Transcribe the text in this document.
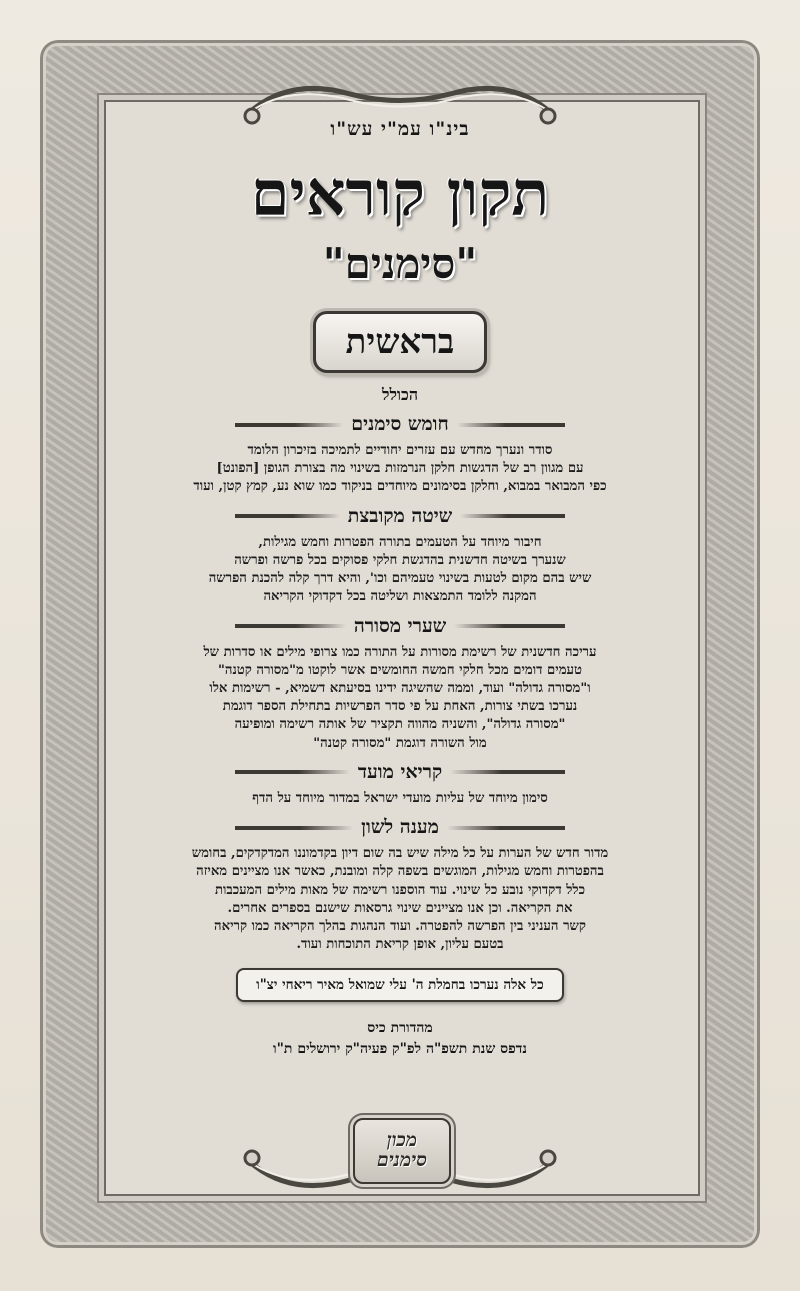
בינ"ו עמ"י עש"ו
תקון קוראים
"סימנים"
בראשית
הכולל
חומש סימנים
סודר ונערך מחדש עם עזרים יחודיים לתמיכה בזיכרון הלומד
עם מגוון רב של הדגשות חלקן הנרמזות בשינוי מה בצורת הגופן [הפונט]
כפי המבואר במבוא, וחלקן בסימונים מיוחדים בניקוד כמו שוא נע, קמץ קטן, ועוד
שיטה מקובצת
חיבור מיוחד על הטעמים בתורה הפטרות וחמש מגילות,
שנערך בשיטה חדשנית בהדגשת חלקי פסוקים בכל פרשה ופרשה
שיש בהם מקום לטעות בשינוי טעמיהם וכו', והיא דרך קלה להכנת הפרשה
המקנה ללומד התמצאות ושליטה בכל דקדוקי הקריאה
שערי מסורה
עריכה חדשנית של רשימת מסורות על התורה כמו צרופי מילים או סדרות של
טעמים דומים מכל חלקי חמשה החומשים אשר לוקטו מ"מסורה קטנה"
ו"מסורה גדולה" ועוד, וממה שהשיגה ידינו בסיעתא דשמיא, - רשימות אלו
נערכו בשתי צורות, האחת על פי סדר הפרשיות בתחילת הספר דוגמת
"מסורה גדולה", והשניה מהווה תקציר של אותה רשימה ומופיעה
מול השורה דוגמת "מסורה קטנה"
קריאי מועד
סימון מיוחד של עליות מועדי ישראל במדור מיוחד על הדף
מענה לשון
מדור חדש של הערות על כל מילה שיש בה שום דיון בקדמוננו המדקדקים, בחומש
בהפטרות וחמש מגילות, המוגשים בשפה קלה ומובנת, כאשר אנו מציינים מאיזה
כלל דקדוקי נובע כל שינוי. עוד הוספנו רשימה של מאות מילים המעכבות
את הקריאה. וכן אנו מציינים שינוי גרסאות שישנם בספרים אחרים.
קשר העניני בין הפרשה להפטרה. ועוד הנהגות בהלך הקריאה כמו קריאה
בטעם עליון, אופן קריאת התוכחות ועוד.
כל אלה נערכו בחמלת ה' עלי שמואל מאיר ריאחי יצ"ו
מהדורת כיס
נדפס שנת תשפ"ה לפ"ק פעיה"ק ירושלים ת"ו
מכון
סימנים
